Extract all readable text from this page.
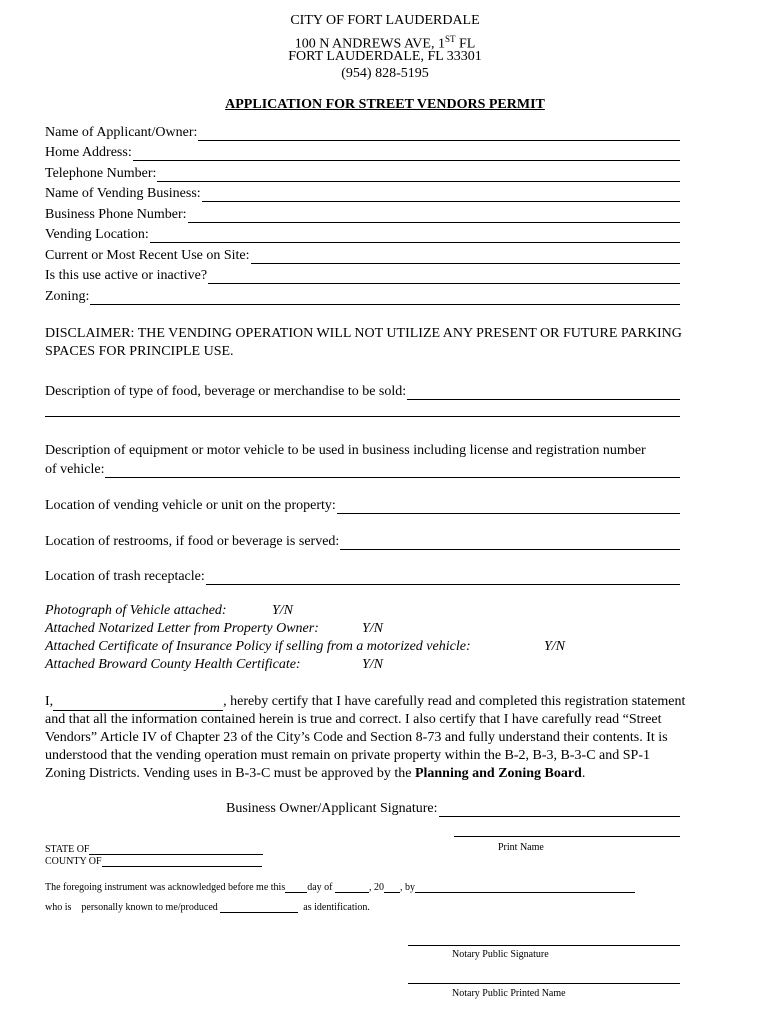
CITY OF FORT LAUDERDALE
100 N ANDREWS AVE, 1ST FL
FORT LAUDERDALE, FL 33301
(954) 828-5195
APPLICATION FOR STREET VENDORS PERMIT
Name of Applicant/Owner:
Home Address:
Telephone Number:
Name of Vending Business:
Business Phone Number:
Vending Location:
Current or Most Recent Use on Site:
Is this use active or inactive?
Zoning:
DISCLAIMER: THE VENDING OPERATION WILL NOT UTILIZE ANY PRESENT OR FUTURE PARKING SPACES FOR PRINCIPLE USE.
Description of type of food, beverage or merchandise to be sold:
Description of equipment or motor vehicle to be used in business including license and registration number
of vehicle:
Location of vending vehicle or unit on the property:
Location of restrooms, if food or beverage is served:
Location of trash receptacle:
Photograph of Vehicle attached:	Y/N
Attached Notarized Letter from Property Owner:	Y/N
Attached Certificate of Insurance Policy if selling from a motorized vehicle:	Y/N
Attached Broward County Health Certificate:	Y/N
I,	, hereby certify that I have carefully read and completed this registration statement
and that all the information contained herein is true and correct. I also certify that I have carefully read “Street
Vendors” Article IV of Chapter 23 of the City’s Code and Section 8-73 and fully understand their contents. It is
understood that the vending operation must remain on private property within the B-2, B-3, B-3-C and SP-1
Zoning Districts. Vending uses in B-3-C must be approved by the Planning and Zoning Board.
Business Owner/Applicant Signature:
Print Name
STATE OF
COUNTY OF
The foregoing instrument was acknowledged before me this day of	, 20 , by
who is personally known to me/produced	as identification.
Notary Public Signature
Notary Public Printed Name
